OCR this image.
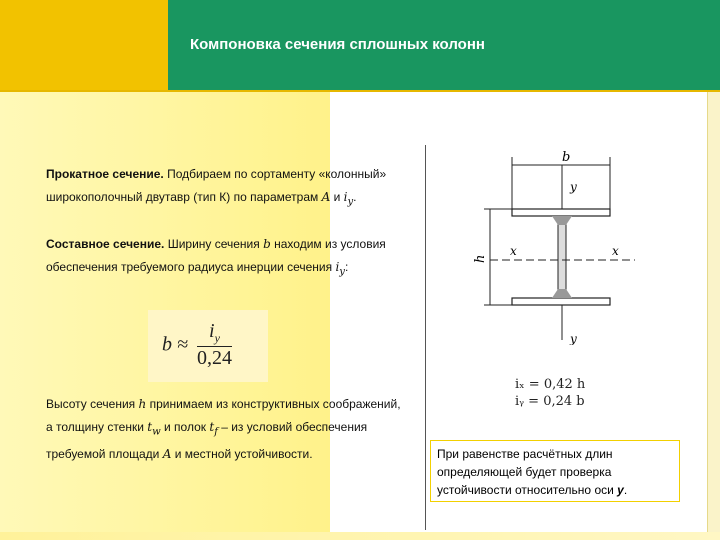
Компоновка сечения сплошных колонн
Прокатное сечение. Подбираем по сортаменту «колонный» широкополочный двутавр (тип К) по параметрам A и $i_y$.
Составное сечение. Ширину сечения b находим из условия обеспечения требуемого радиуса инерции сечения $i_y$:
$b \approx \frac{i_y}{0,24}$
Высоту сечения h принимаем из конструктивных соображений, а толщину стенки $t_w$ и полок $t_f$ – из условий обеспечения требуемой площади A и местной устойчивости.
b
y
y
x	x
h
iₓ = 0,42 h
iᵧ = 0,24 b
При равенстве расчётных длин определяющей будет проверка устойчивости относительно оси y.
